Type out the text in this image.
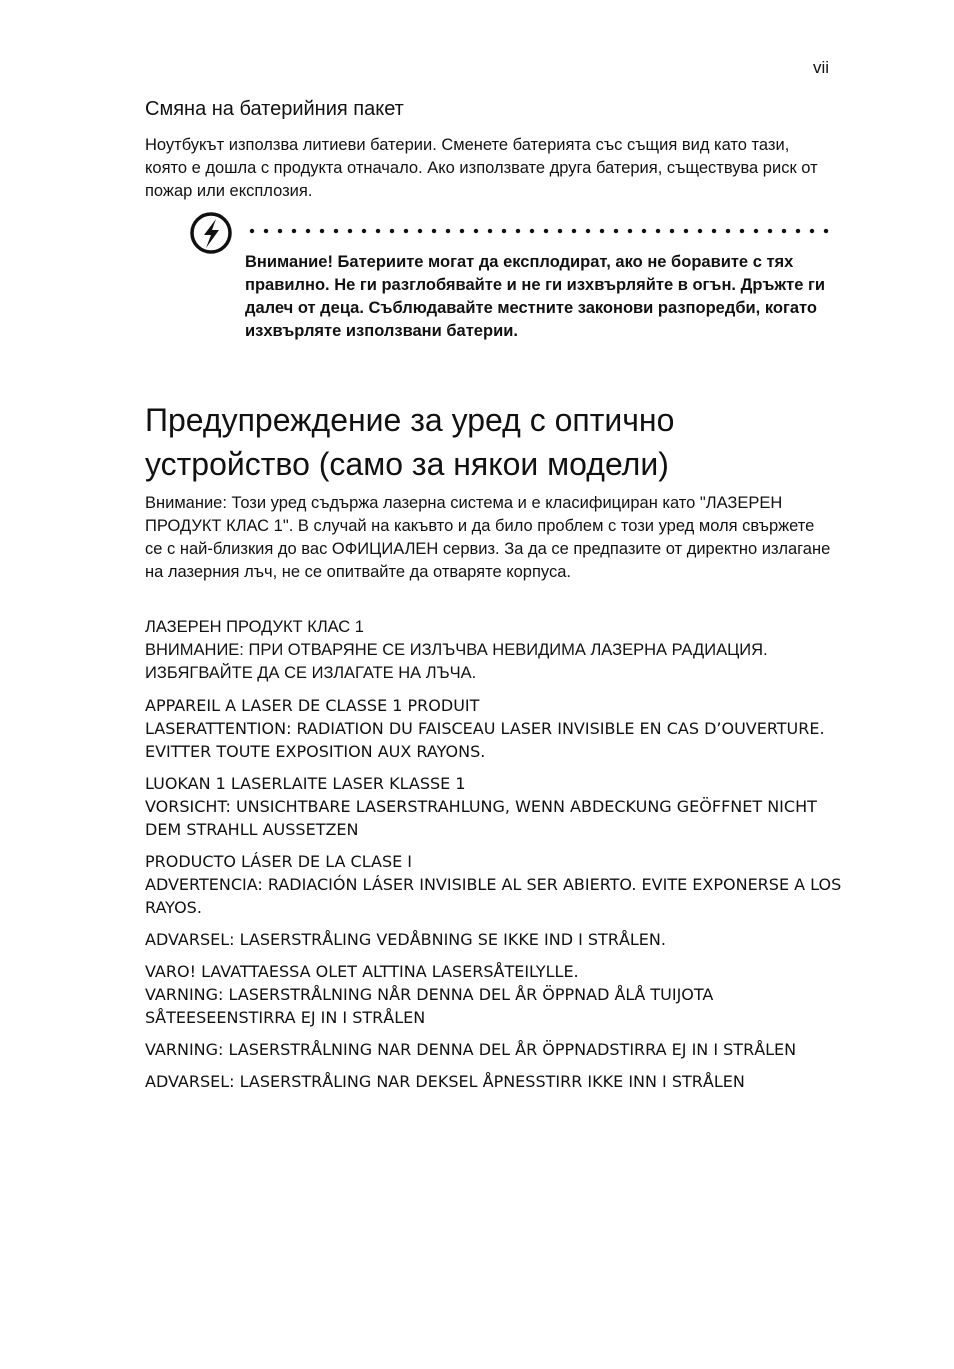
vii
Смяна на батерийния пакет

Ноутбукът използва литиеви батерии. Сменете батерията със същия вид като тази, която е дошла с продукта отначало. Ако използвате друга батерия, съществува риск от пожар или експлозия.

Внимание! Батериите могат да експлодират, ако не боравите с тях правилно. Не ги разглобявайте и не ги изхвърляйте в огън. Дръжте ги далеч от деца. Съблюдавайте местните законови разпоредби, когато изхвърляте използвани батерии.

Предупреждение за уред с оптично устройство (само за някои модели)

Внимание: Този уред съдържа лазерна система и е класифициран като "ЛАЗЕРЕН ПРОДУКТ КЛАС 1". В случай на какъвто и да било проблем с този уред моля свържете се с най-близкия до вас ОФИЦИАЛЕН сервиз. За да се предпазите от директно излагане на лазерния лъч, не се опитвайте да отваряте корпуса.

ЛАЗЕРЕН ПРОДУКТ КЛАС 1
ВНИМАНИЕ: ПРИ ОТВАРЯНЕ СЕ ИЗЛЪЧВА НЕВИДИМА ЛАЗЕРНА РАДИАЦИЯ. ИЗБЯГВАЙТЕ ДА СЕ ИЗЛАГАТЕ НА ЛЪЧА.
APPAREIL A LASER DE CLASSE 1 PRODUIT
LASERATTENTION: RADIATION DU FAISCEAU LASER INVISIBLE EN CAS D’OUVERTURE. EVITTER TOUTE EXPOSITION AUX RAYONS.
LUOKAN 1 LASERLAITE LASER KLASSE 1
VORSICHT: UNSICHTBARE LASERSTRAHLUNG, WENN ABDECKUNG GEÖFFNET NICHT DEM STRAHLL AUSSETZEN
PRODUCTO LÁSER DE LA CLASE I
ADVERTENCIA: RADIACIÓN LÁSER INVISIBLE AL SER ABIERTO. EVITE EXPONERSE A LOS RAYOS.
ADVARSEL: LASERSTRÅLING VEDÅBNING SE IKKE IND I STRÅLEN.
VARO! LAVATTAESSA OLET ALTTINA LASERSÅTEILYLLE.
VARNING: LASERSTRÅLNING NÅR DENNA DEL ÅR ÖPPNAD ÅLÅ TUIJOTA SÅTEESEENSTIRRA EJ IN I STRÅLEN
VARNING: LASERSTRÅLNING NAR DENNA DEL ÅR ÖPPNADSTIRRA EJ IN I STRÅLEN
ADVARSEL: LASERSTRÅLING NAR DEKSEL ÅPNESSTIRR IKKE INN I STRÅLEN
